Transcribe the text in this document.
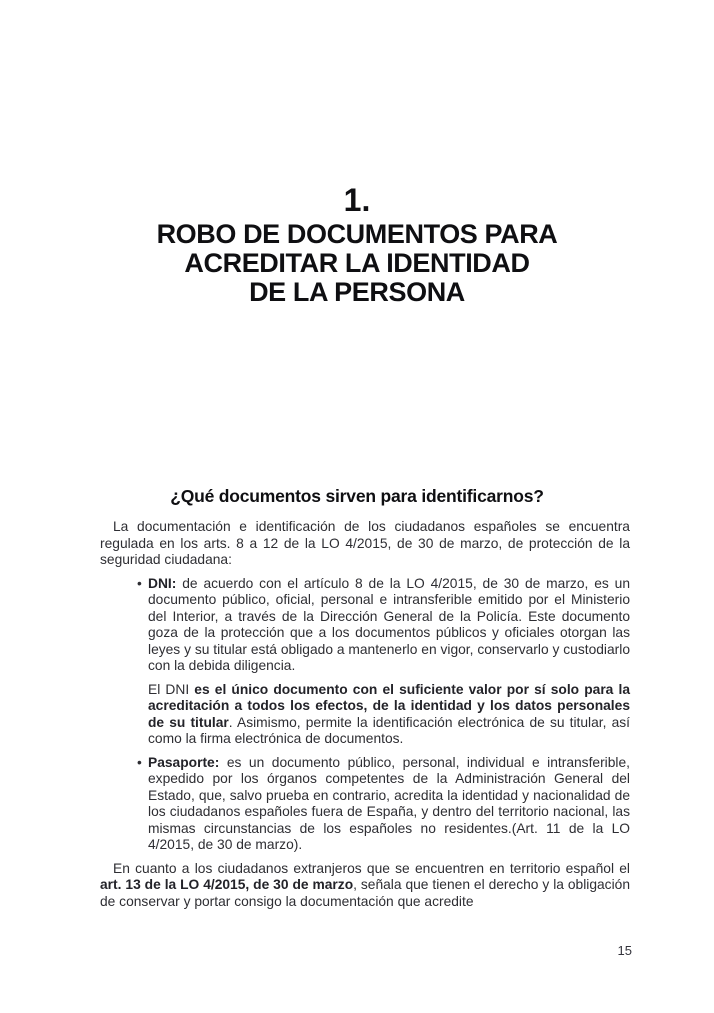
1.
ROBO DE DOCUMENTOS PARA
ACREDITAR LA IDENTIDAD
DE LA PERSONA
¿Qué documentos sirven para identificarnos?

La documentación e identificación de los ciudadanos españoles se encuentra regulada en los arts. 8 a 12 de la LO 4/2015, de 30 de marzo, de protección de la seguridad ciudadana:

• DNI: de acuerdo con el artículo 8 de la LO 4/2015, de 30 de marzo, es un documento público, oficial, personal e intransferible emitido por el Ministerio del Interior, a través de la Dirección General de la Policía. Este documento goza de la protección que a los documentos públicos y oficiales otorgan las leyes y su titular está obligado a mantenerlo en vigor, conservarlo y custodiarlo con la debida diligencia.

El DNI es el único documento con el suficiente valor por sí solo para la acreditación a todos los efectos, de la identidad y los datos personales de su titular. Asimismo, permite la identificación electrónica de su titular, así como la firma electrónica de documentos.

• Pasaporte: es un documento público, personal, individual e intransferible, expedido por los órganos competentes de la Administración General del Estado, que, salvo prueba en contrario, acredita la identidad y nacionalidad de los ciudadanos españoles fuera de España, y dentro del territorio nacional, las mismas circunstancias de los españoles no residentes.(Art. 11 de la LO 4/2015, de 30 de marzo).

En cuanto a los ciudadanos extranjeros que se encuentren en territorio español el art. 13 de la LO 4/2015, de 30 de marzo, señala que tienen el derecho y la obligación de conservar y portar consigo la documentación que acredite

15
